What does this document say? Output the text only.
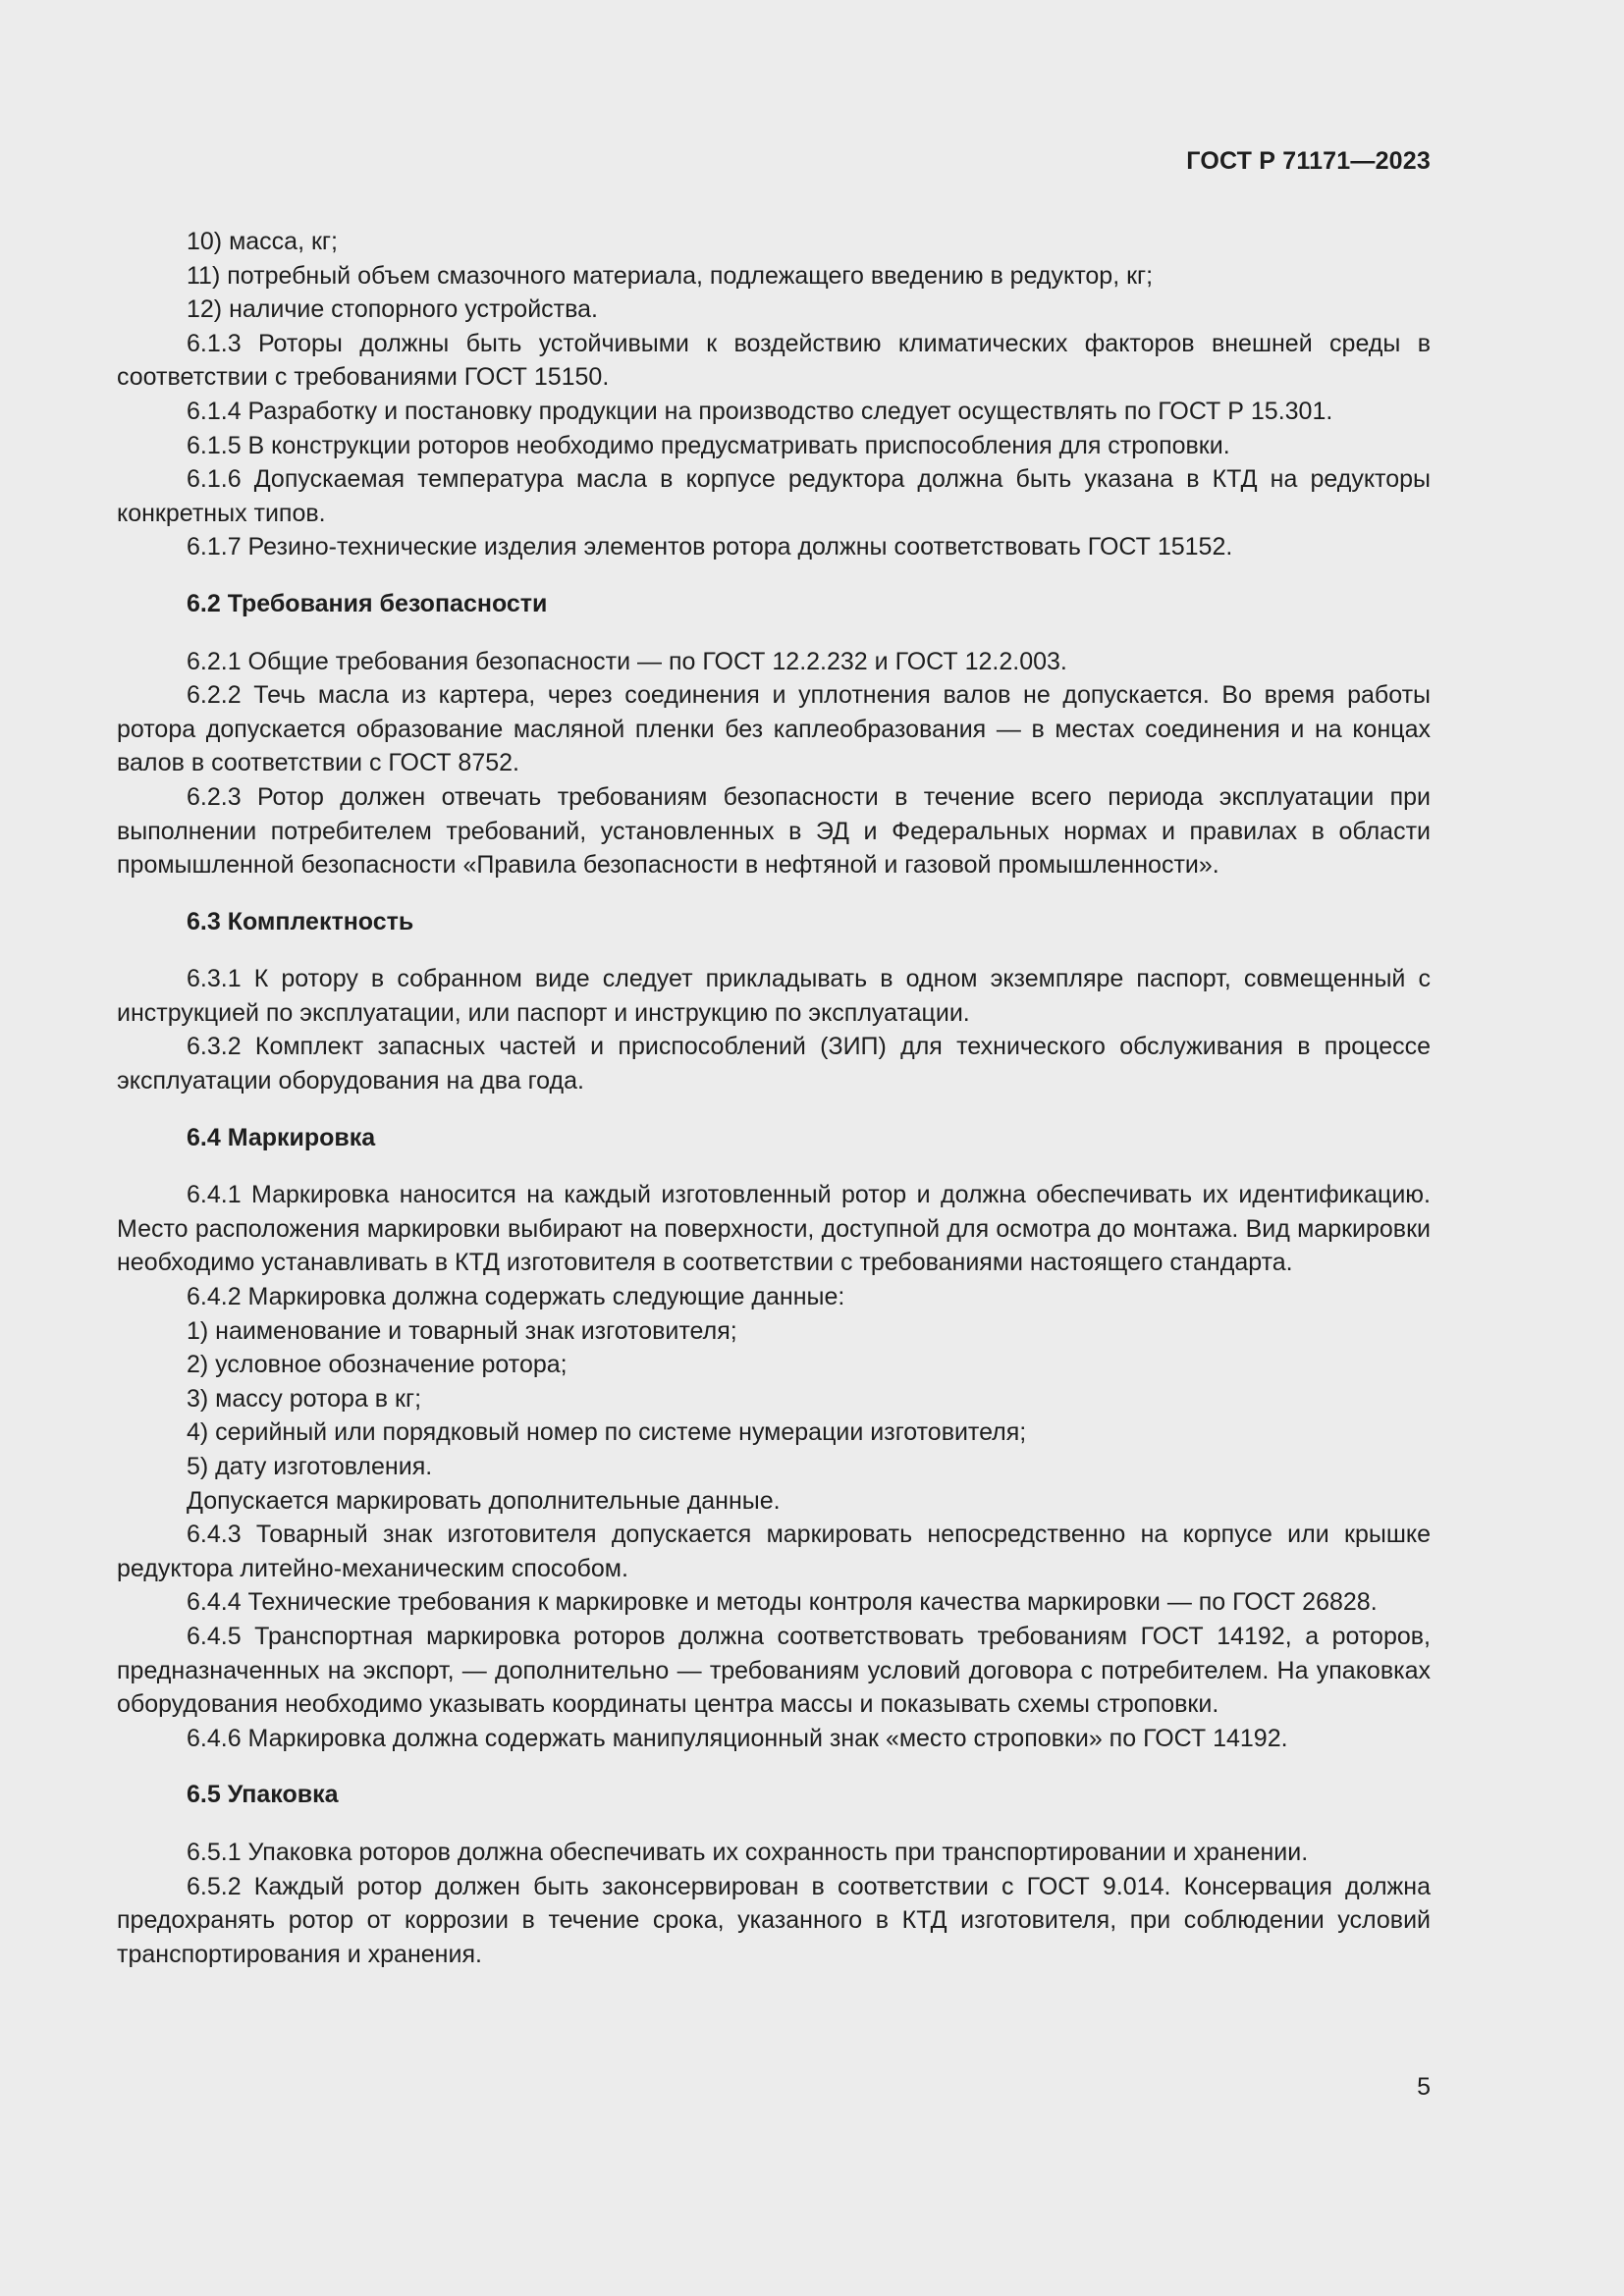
ГОСТ Р 71171—2023

10) масса, кг;

11) потребный объем смазочного материала, подлежащего введению в редуктор, кг;

12) наличие стопорного устройства.

6.1.3 Роторы должны быть устойчивыми к воздействию климатических факторов внешней среды в соответствии с требованиями ГОСТ 15150.

6.1.4 Разработку и постановку продукции на производство следует осуществлять по ГОСТ Р 15.301.

6.1.5 В конструкции роторов необходимо предусматривать приспособления для строповки.

6.1.6 Допускаемая температура масла в корпусе редуктора должна быть указана в КТД на редукторы конкретных типов.

6.1.7 Резино-технические изделия элементов ротора должны соответствовать ГОСТ 15152.

6.2 Требования безопасности

6.2.1 Общие требования безопасности — по ГОСТ 12.2.232 и ГОСТ 12.2.003.

6.2.2 Течь масла из картера, через соединения и уплотнения валов не допускается. Во время работы ротора допускается образование масляной пленки без каплеобразования — в местах соединения и на концах валов в соответствии с ГОСТ 8752.

6.2.3 Ротор должен отвечать требованиям безопасности в течение всего периода эксплуатации при выполнении потребителем требований, установленных в ЭД и Федеральных нормах и правилах в области промышленной безопасности «Правила безопасности в нефтяной и газовой промышленности».

6.3 Комплектность

6.3.1 К ротору в собранном виде следует прикладывать в одном экземпляре паспорт, совмещенный с инструкцией по эксплуатации, или паспорт и инструкцию по эксплуатации.

6.3.2 Комплект запасных частей и приспособлений (ЗИП) для технического обслуживания в процессе эксплуатации оборудования на два года.

6.4 Маркировка

6.4.1 Маркировка наносится на каждый изготовленный ротор и должна обеспечивать их идентификацию. Место расположения маркировки выбирают на поверхности, доступной для осмотра до монтажа. Вид маркировки необходимо устанавливать в КТД изготовителя в соответствии с требованиями настоящего стандарта.

6.4.2 Маркировка должна содержать следующие данные:

1) наименование и товарный знак изготовителя;

2) условное обозначение ротора;

3) массу ротора в кг;

4) серийный или порядковый номер по системе нумерации изготовителя;

5) дату изготовления.

Допускается маркировать дополнительные данные.

6.4.3 Товарный знак изготовителя допускается маркировать непосредственно на корпусе или крышке редуктора литейно-механическим способом.

6.4.4 Технические требования к маркировке и методы контроля качества маркировки — по ГОСТ 26828.

6.4.5 Транспортная маркировка роторов должна соответствовать требованиям ГОСТ 14192, а роторов, предназначенных на экспорт, — дополнительно — требованиям условий договора с потребителем. На упаковках оборудования необходимо указывать координаты центра массы и показывать схемы строповки.

6.4.6 Маркировка должна содержать манипуляционный знак «место строповки» по ГОСТ 14192.

6.5 Упаковка

6.5.1 Упаковка роторов должна обеспечивать их сохранность при транспортировании и хранении.

6.5.2 Каждый ротор должен быть законсервирован в соответствии с ГОСТ 9.014. Консервация должна предохранять ротор от коррозии в течение срока, указанного в КТД изготовителя, при соблюдении условий транспортирования и хранения.

5
